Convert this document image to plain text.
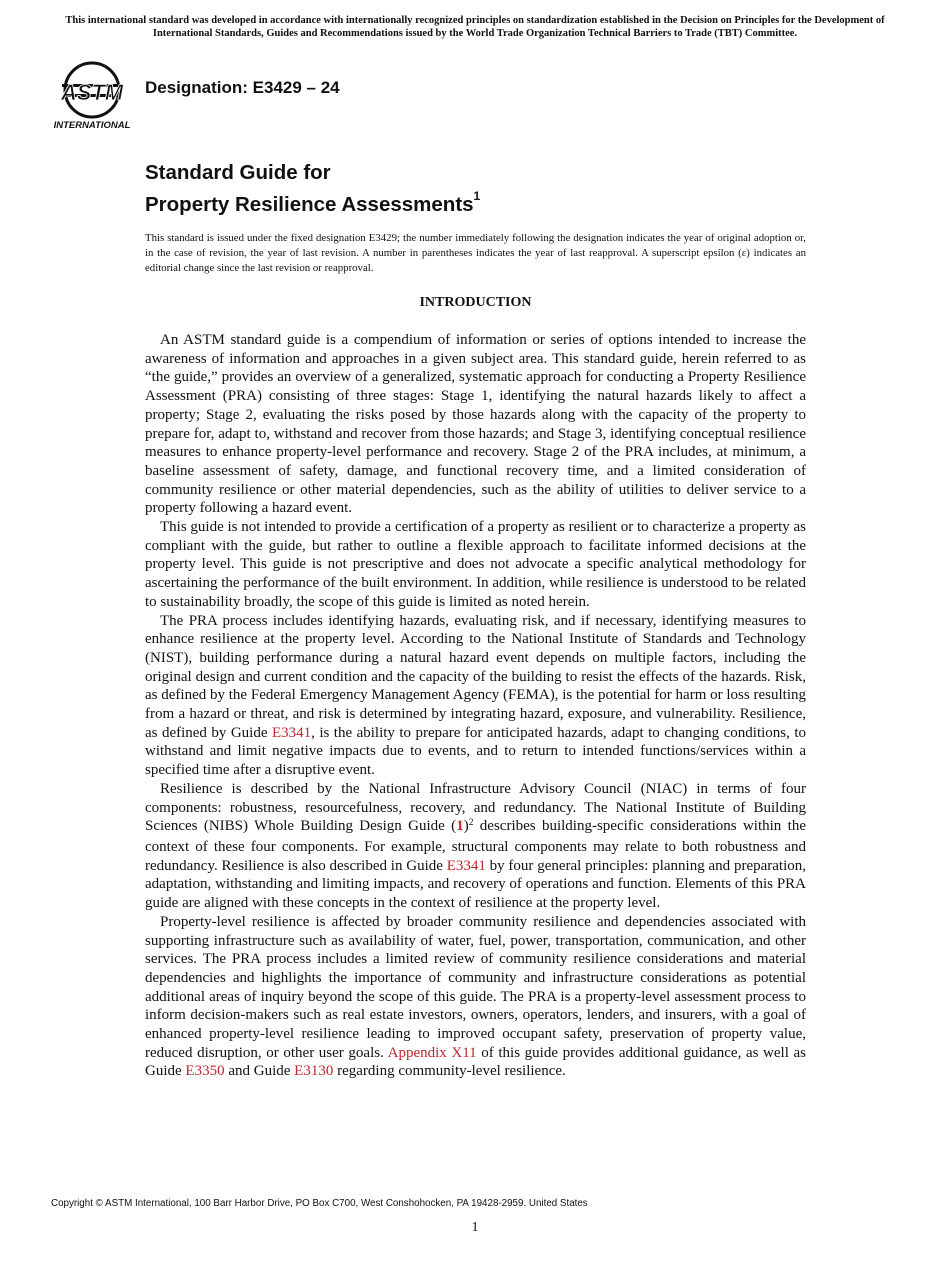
This international standard was developed in accordance with internationally recognized principles on standardization established in the Decision on Principles for the Development of International Standards, Guides and Recommendations issued by the World Trade Organization Technical Barriers to Trade (TBT) Committee.
ASTM
INTERNATIONAL
Designation: E3429 – 24
Standard Guide for
Property Resilience Assessments$^1$
This standard is issued under the fixed designation E3429; the number immediately following the designation indicates the year of original adoption or, in the case of revision, the year of last revision. A number in parentheses indicates the year of last reapproval. A superscript epsilon (ε) indicates an editorial change since the last revision or reapproval.
INTRODUCTION

An ASTM standard guide is a compendium of information or series of options intended to increase the awareness of information and approaches in a given subject area. This standard guide, herein referred to as “the guide,” provides an overview of a generalized, systematic approach for conducting a Property Resilience Assessment (PRA) consisting of three stages: Stage 1, identifying the natural hazards likely to affect a property; Stage 2, evaluating the risks posed by those hazards along with the capacity of the property to prepare for, adapt to, withstand and recover from those hazards; and Stage 3, identifying conceptual resilience measures to enhance property-level performance and recovery. Stage 2 of the PRA includes, at minimum, a baseline assessment of safety, damage, and functional recovery time, and a limited consideration of community resilience or other material dependencies, such as the ability of utilities to deliver service to a property following a hazard event.

This guide is not intended to provide a certification of a property as resilient or to characterize a property as compliant with the guide, but rather to outline a flexible approach to facilitate informed decisions at the property level. This guide is not prescriptive and does not advocate a specific analytical methodology for ascertaining the performance of the built environment. In addition, while resilience is understood to be related to sustainability broadly, the scope of this guide is limited as noted herein.

The PRA process includes identifying hazards, evaluating risk, and if necessary, identifying measures to enhance resilience at the property level. According to the National Institute of Standards and Technology (NIST), building performance during a natural hazard event depends on multiple factors, including the original design and current condition and the capacity of the building to resist the effects of the hazards. Risk, as defined by the Federal Emergency Management Agency (FEMA), is the potential for harm or loss resulting from a hazard or threat, and risk is determined by integrating hazard, exposure, and vulnerability. Resilience, as defined by Guide E3341, is the ability to prepare for anticipated hazards, adapt to changing conditions, to withstand and limit negative impacts due to events, and to return to intended functions/services within a specified time after a disruptive event.

Resilience is described by the National Infrastructure Advisory Council (NIAC) in terms of four components: robustness, resourcefulness, recovery, and redundancy. The National Institute of Building Sciences (NIBS) Whole Building Design Guide $(1)^2$ describes building-specific considerations within the context of these four components. For example, structural components may relate to both robustness and redundancy. Resilience is also described in Guide E3341 by four general principles: planning and preparation, adaptation, withstanding and limiting impacts, and recovery of operations and function. Elements of this PRA guide are aligned with these concepts in the context of resilience at the property level.

Property-level resilience is affected by broader community resilience and dependencies associated with supporting infrastructure such as availability of water, fuel, power, transportation, communication, and other services. The PRA process includes a limited review of community resilience considerations and material dependencies and highlights the importance of community and infrastructure considerations as potential additional areas of inquiry beyond the scope of this guide. The PRA is a property-level assessment process to inform decision-makers such as real estate investors, owners, operators, lenders, and insurers, with a goal of enhanced property-level resilience leading to improved occupant safety, preservation of property value, reduced disruption, or other user goals. Appendix X11 of this guide provides additional guidance, as well as Guide E3350 and Guide E3130 regarding community-level resilience.

Copyright © ASTM International, 100 Barr Harbor Drive, PO Box C700, West Conshohocken, PA 19428-2959. United States
1
